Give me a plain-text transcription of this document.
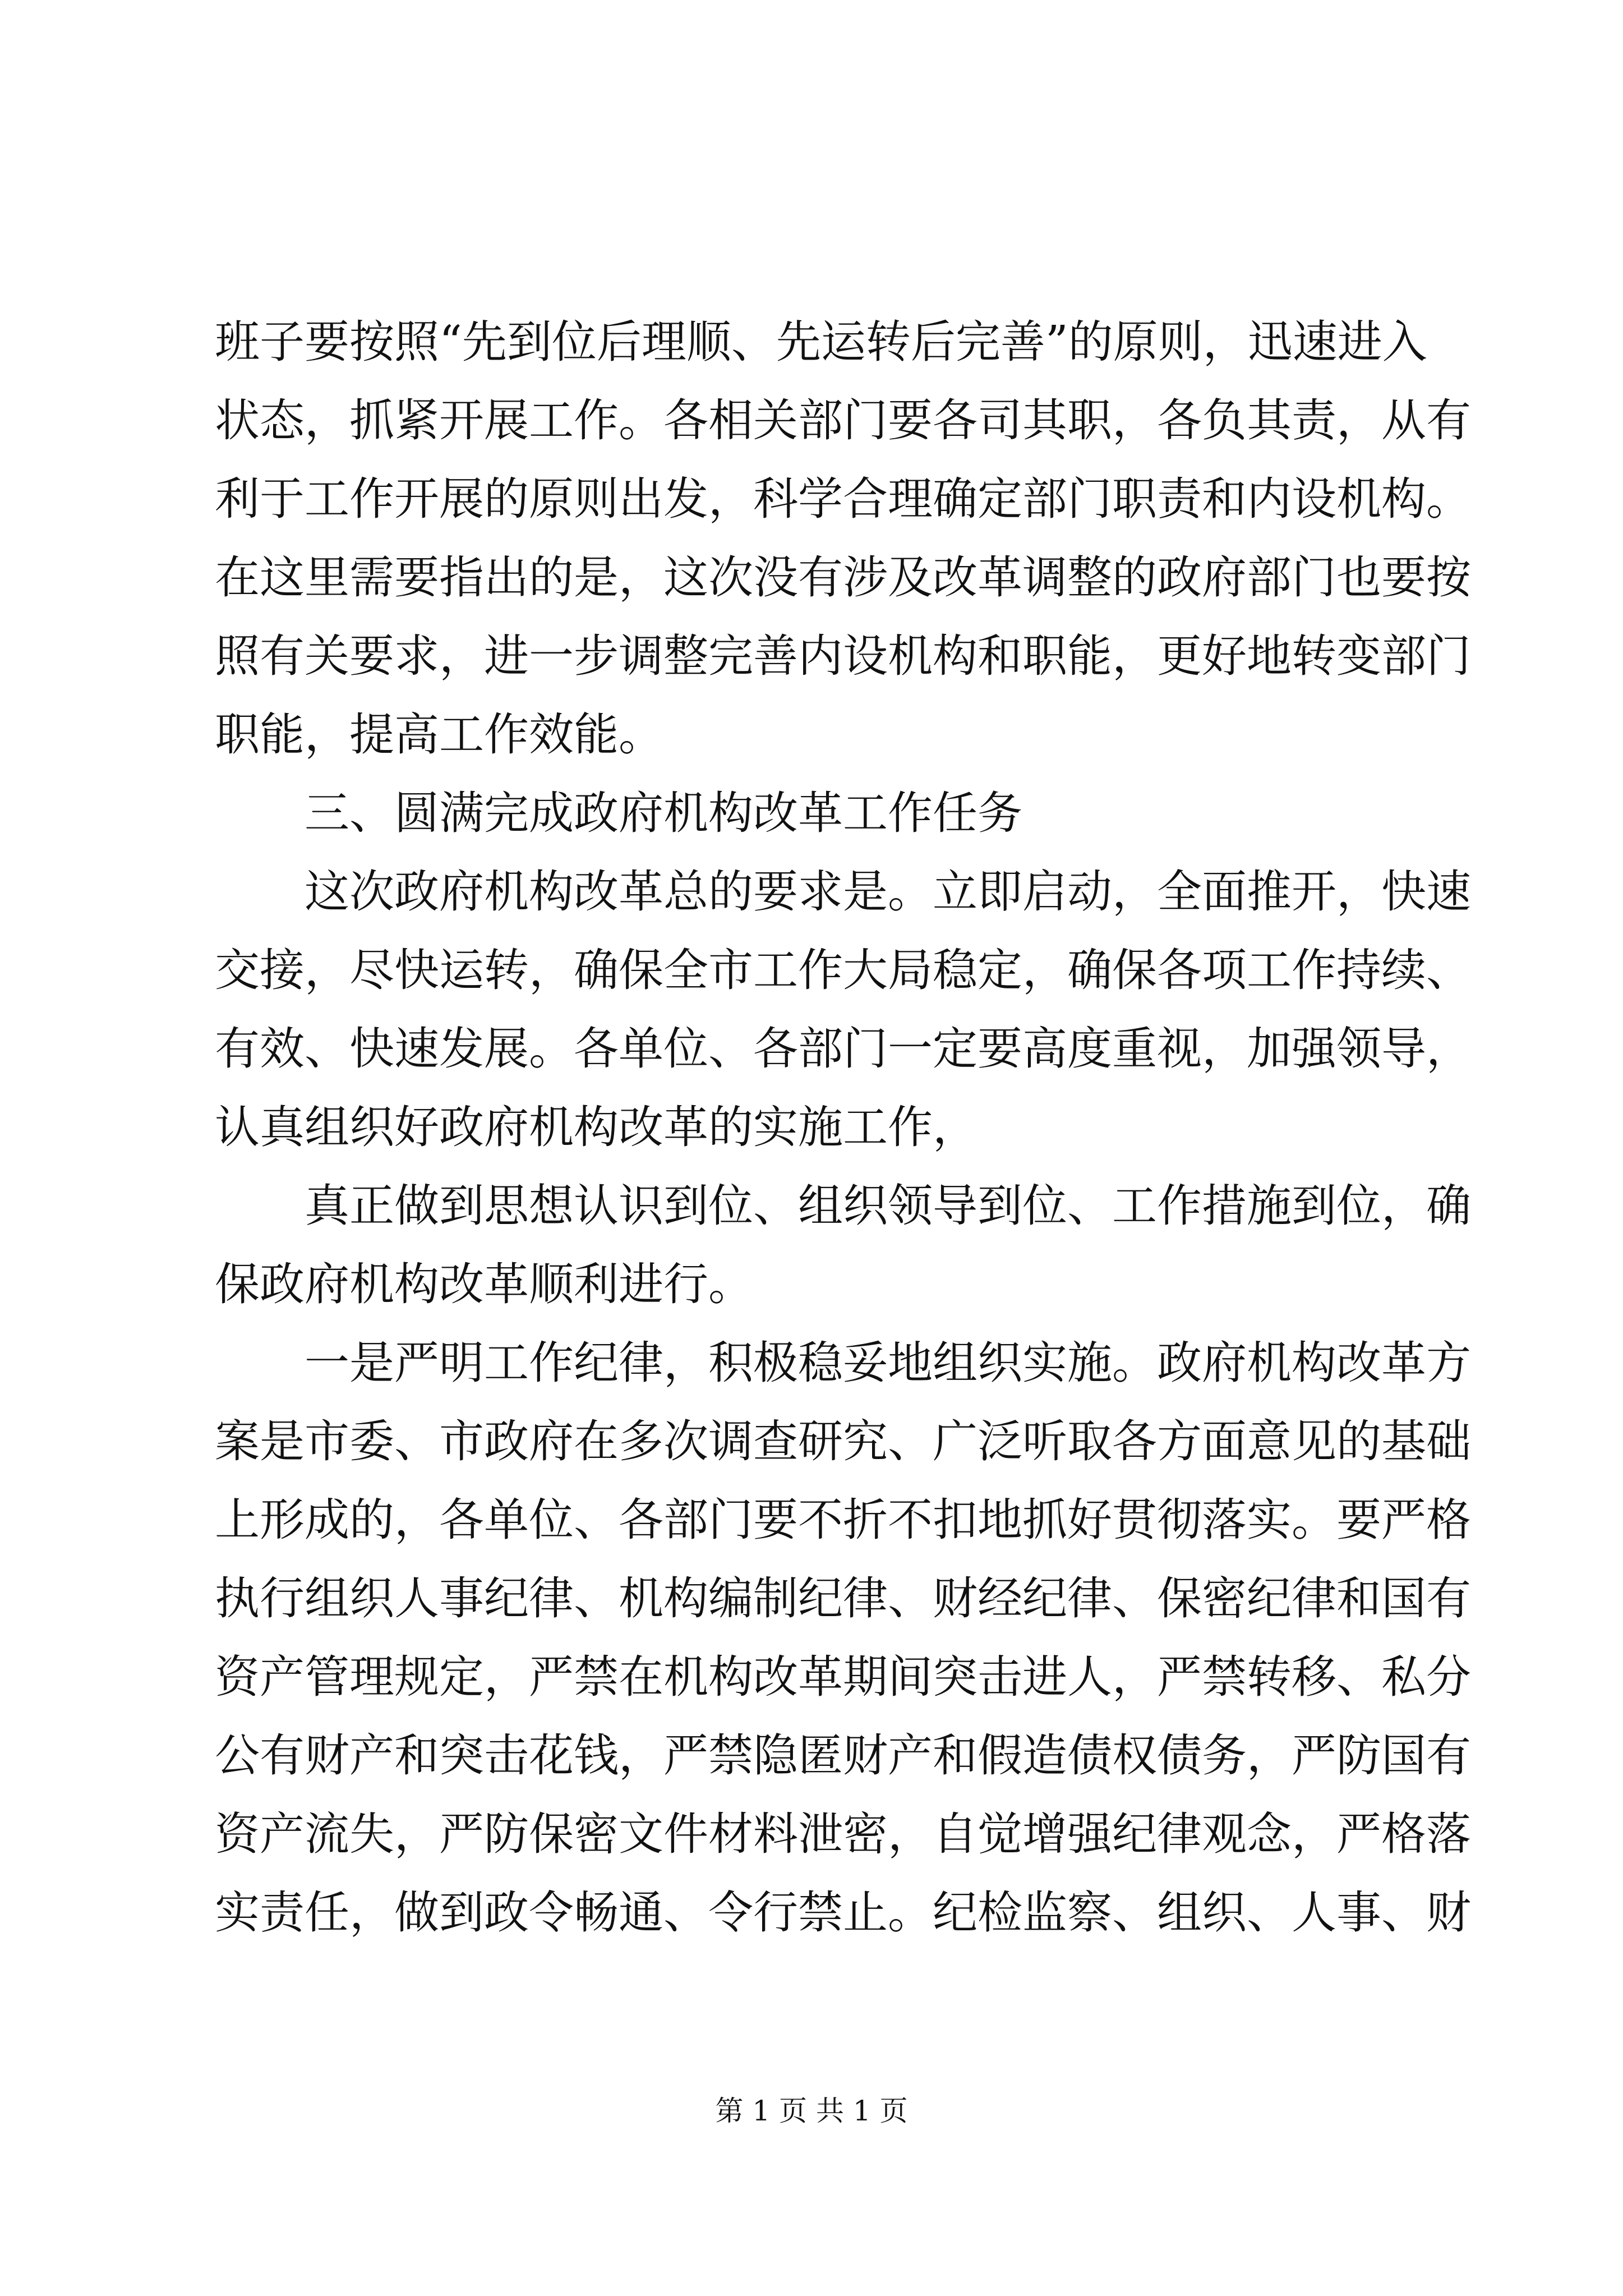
班子要按照“先到位后理顺、先运转后完善”的原则，迅速进入
状态，抓紧开展工作。各相关部门要各司其职，各负其责，从有
利于工作开展的原则出发，科学合理确定部门职责和内设机构。
在这里需要指出的是，这次没有涉及改革调整的政府部门也要按
照有关要求，进一步调整完善内设机构和职能，更好地转变部门
职能，提高工作效能。
三、圆满完成政府机构改革工作任务
这次政府机构改革总的要求是。立即启动，全面推开，快速
交接，尽快运转，确保全市工作大局稳定，确保各项工作持续、
有效、快速发展。各单位、各部门一定要高度重视，加强领导，
认真组织好政府机构改革的实施工作，
真正做到思想认识到位、组织领导到位、工作措施到位，确
保政府机构改革顺利进行。
一是严明工作纪律，积极稳妥地组织实施。政府机构改革方
案是市委、市政府在多次调查研究、广泛听取各方面意见的基础
上形成的，各单位、各部门要不折不扣地抓好贯彻落实。要严格
执行组织人事纪律、机构编制纪律、财经纪律、保密纪律和国有
资产管理规定，严禁在机构改革期间突击进人，严禁转移、私分
公有财产和突击花钱，严禁隐匿财产和假造债权债务，严防国有
资产流失，严防保密文件材料泄密，自觉增强纪律观念，严格落
实责任，做到政令畅通、令行禁止。纪检监察、组织、人事、财
第 1 页 共 1 页
